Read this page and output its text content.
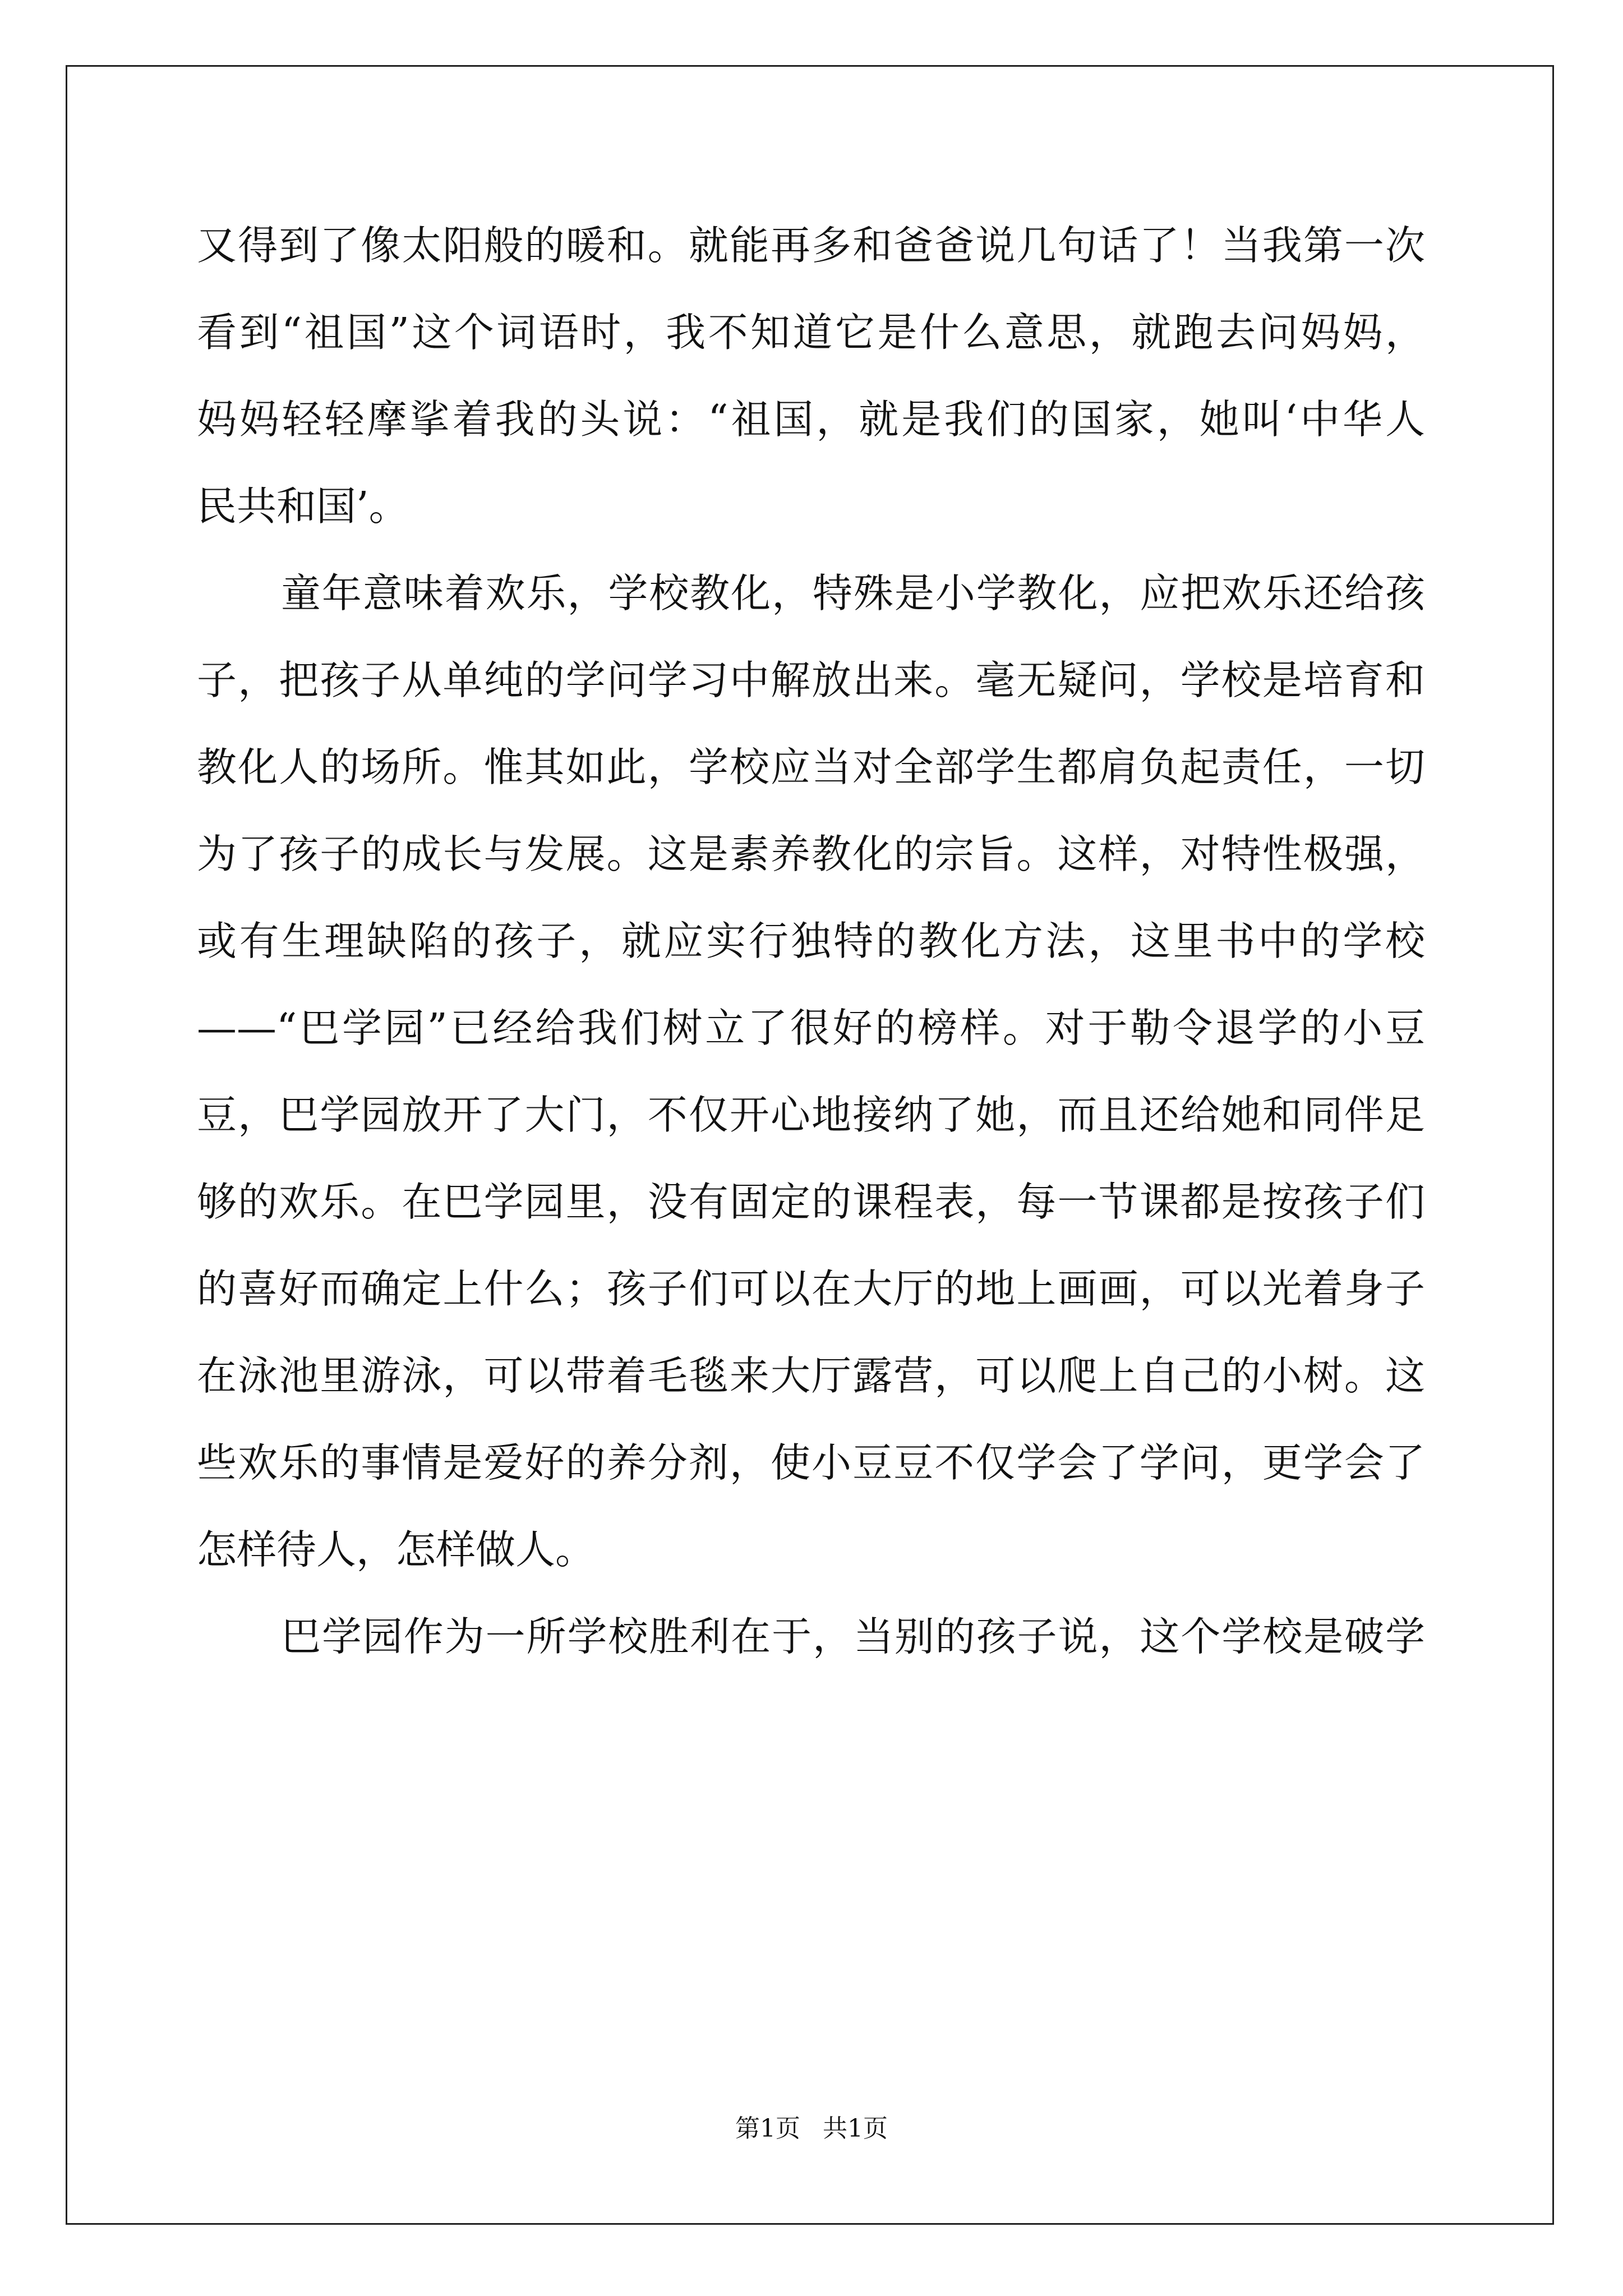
又得到了像太阳般的暖和。就能再多和爸爸说几句话了！当我第一次
看到“祖国”这个词语时，我不知道它是什么意思，就跑去问妈妈，
妈妈轻轻摩挲着我的头说：“祖国，就是我们的国家，她叫‘中华人
民共和国’。
童年意味着欢乐，学校教化，特殊是小学教化，应把欢乐还给孩
子，把孩子从单纯的学问学习中解放出来。毫无疑问，学校是培育和
教化人的场所。惟其如此，学校应当对全部学生都肩负起责任，一切
为了孩子的成长与发展。这是素养教化的宗旨。这样，对特性极强，
或有生理缺陷的孩子，就应实行独特的教化方法，这里书中的学校
——“巴学园”已经给我们树立了很好的榜样。对于勒令退学的小豆
豆，巴学园放开了大门，不仅开心地接纳了她，而且还给她和同伴足
够的欢乐。在巴学园里，没有固定的课程表，每一节课都是按孩子们
的喜好而确定上什么；孩子们可以在大厅的地上画画，可以光着身子
在泳池里游泳，可以带着毛毯来大厅露营，可以爬上自己的小树。这
些欢乐的事情是爱好的养分剂，使小豆豆不仅学会了学问，更学会了
怎样待人，怎样做人。
巴学园作为一所学校胜利在于，当别的孩子说，这个学校是破学
第1页 共1页
